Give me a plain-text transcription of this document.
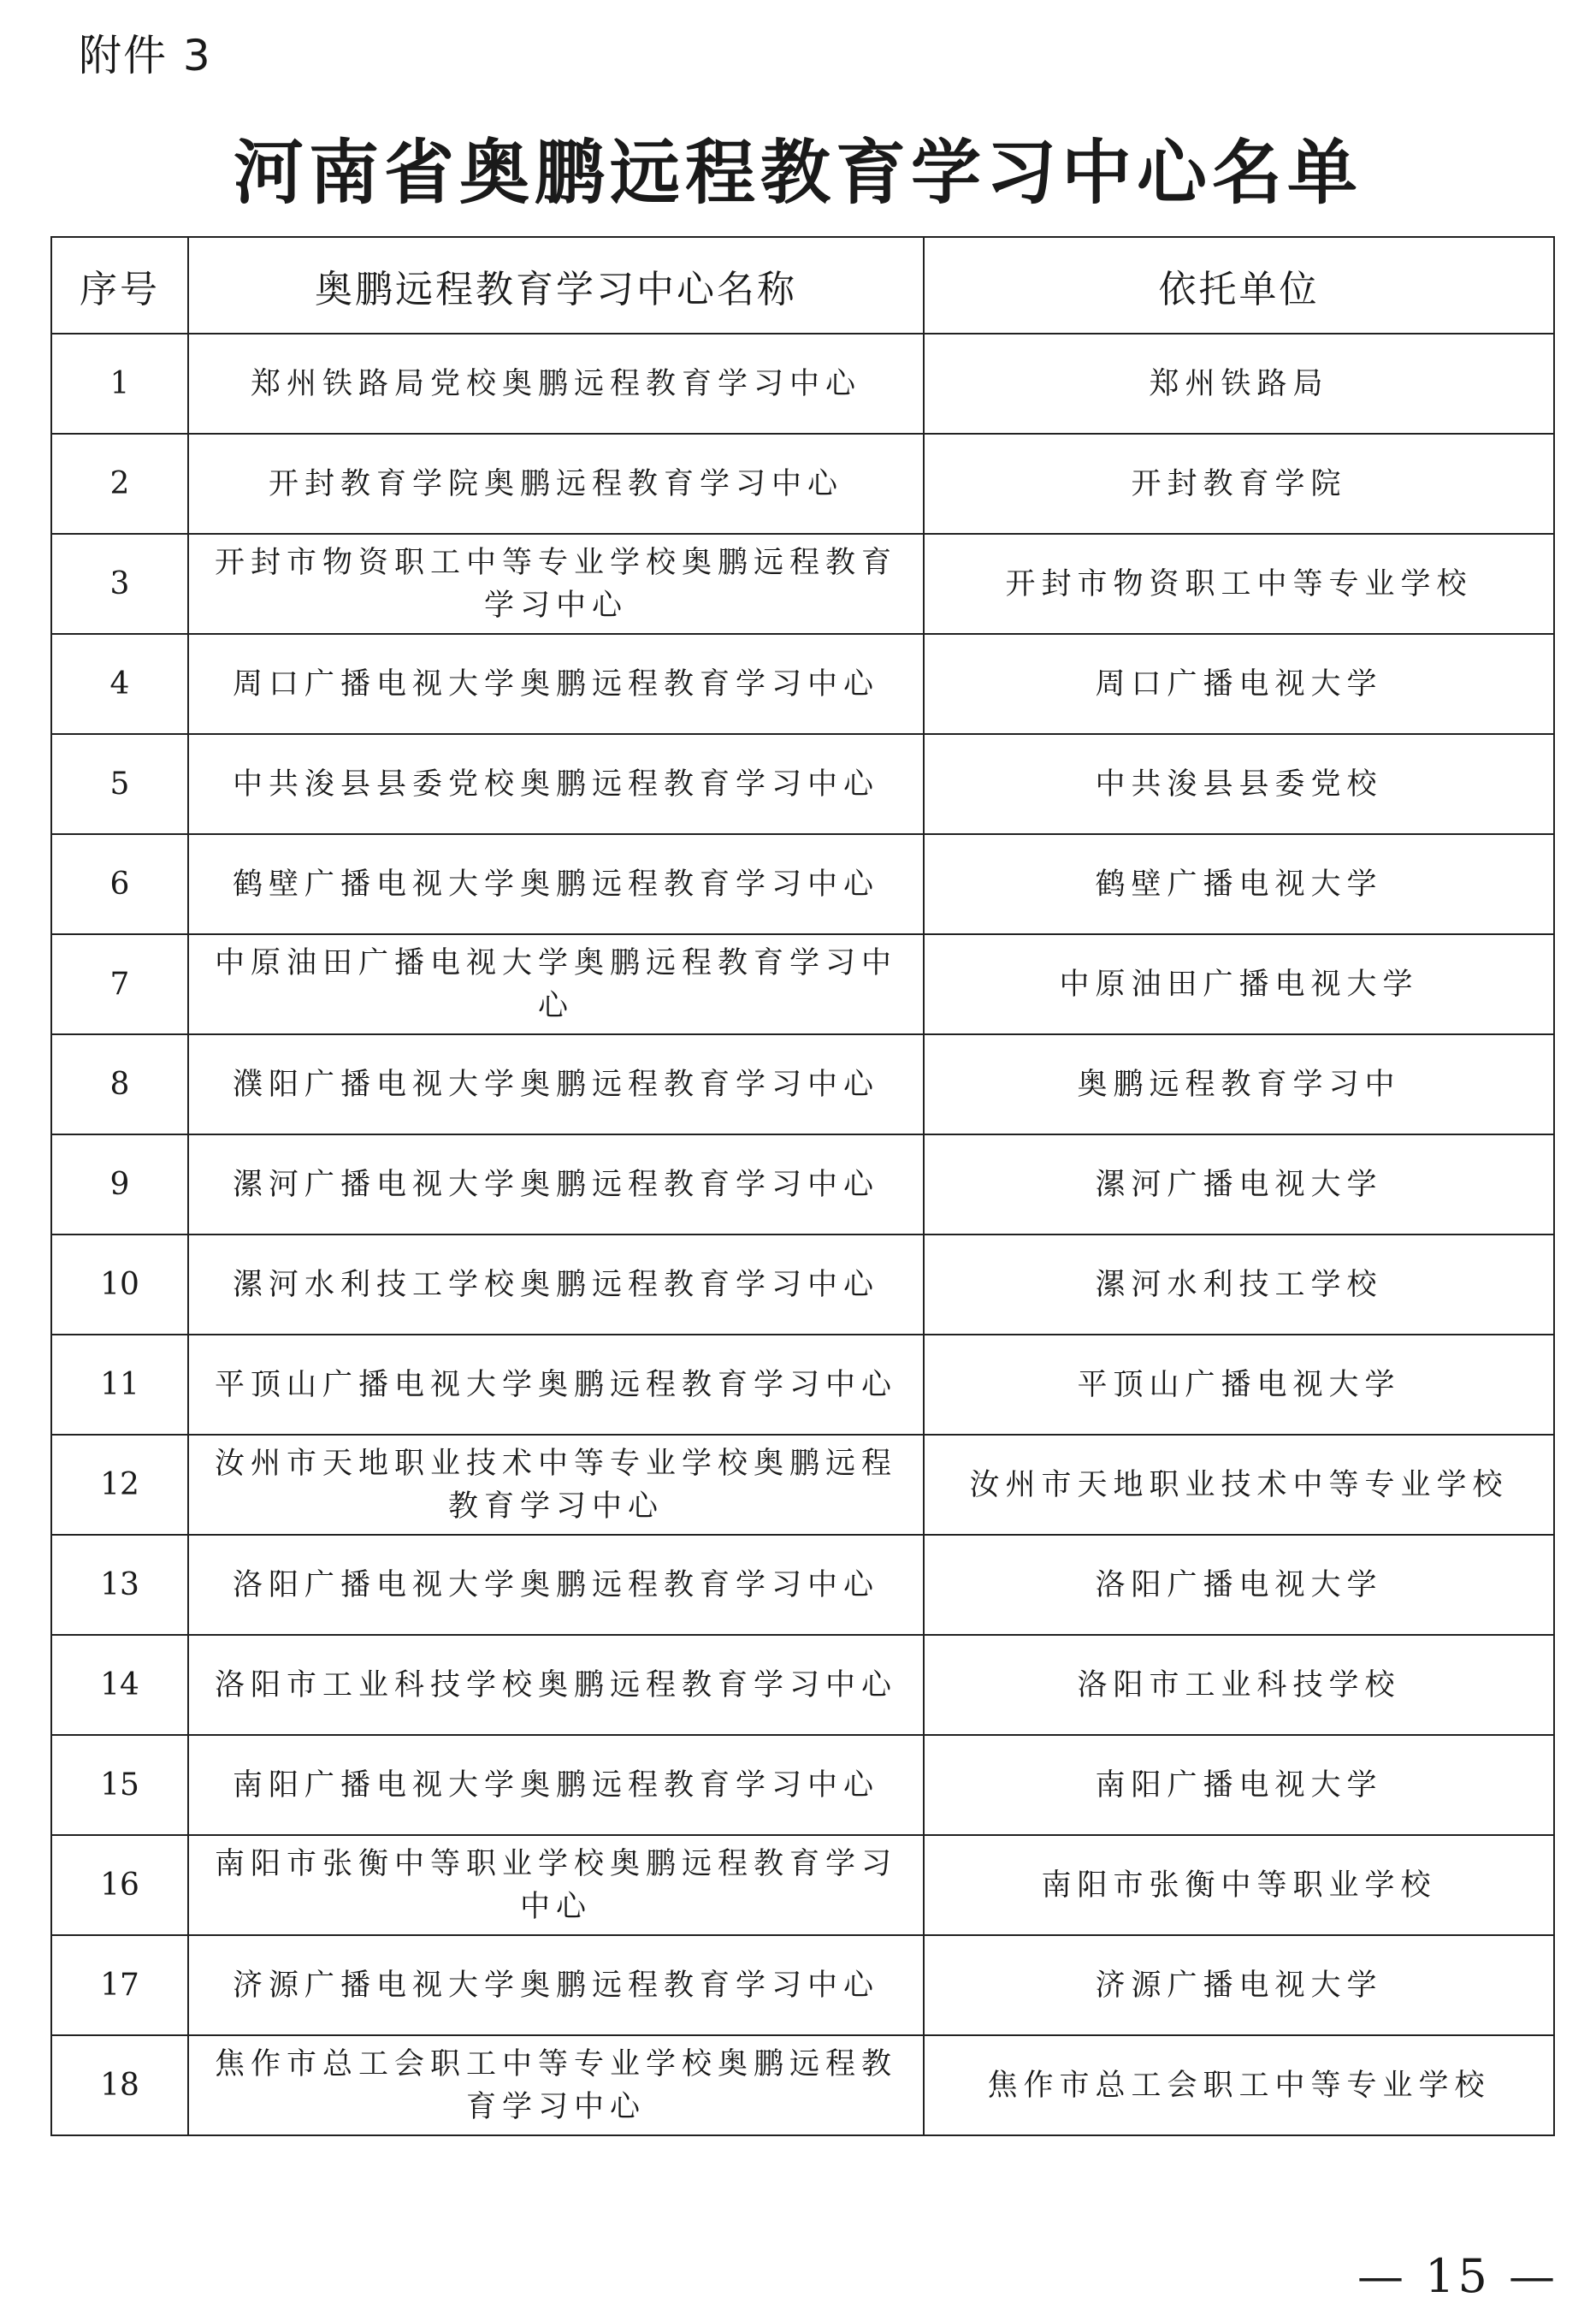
附件 3
河南省奥鹏远程教育学习中心名单
序号	奥鹏远程教育学习中心名称	依托单位
1	郑州铁路局党校奥鹏远程教育学习中心	郑州铁路局
2	开封教育学院奥鹏远程教育学习中心	开封教育学院
3	开封市物资职工中等专业学校奥鹏远程教育学习中心	开封市物资职工中等专业学校
4	周口广播电视大学奥鹏远程教育学习中心	周口广播电视大学
5	中共浚县县委党校奥鹏远程教育学习中心	中共浚县县委党校
6	鹤壁广播电视大学奥鹏远程教育学习中心	鹤壁广播电视大学
7	中原油田广播电视大学奥鹏远程教育学习中心	中原油田广播电视大学
8	濮阳广播电视大学奥鹏远程教育学习中心	奥鹏远程教育学习中
9	漯河广播电视大学奥鹏远程教育学习中心	漯河广播电视大学
10	漯河水利技工学校奥鹏远程教育学习中心	漯河水利技工学校
11	平顶山广播电视大学奥鹏远程教育学习中心	平顶山广播电视大学
12	汝州市天地职业技术中等专业学校奥鹏远程教育学习中心	汝州市天地职业技术中等专业学校
13	洛阳广播电视大学奥鹏远程教育学习中心	洛阳广播电视大学
14	洛阳市工业科技学校奥鹏远程教育学习中心	洛阳市工业科技学校
15	南阳广播电视大学奥鹏远程教育学习中心	南阳广播电视大学
16	南阳市张衡中等职业学校奥鹏远程教育学习中心	南阳市张衡中等职业学校
17	济源广播电视大学奥鹏远程教育学习中心	济源广播电视大学
18	焦作市总工会职工中等专业学校奥鹏远程教育学习中心	焦作市总工会职工中等专业学校
— 15 —
